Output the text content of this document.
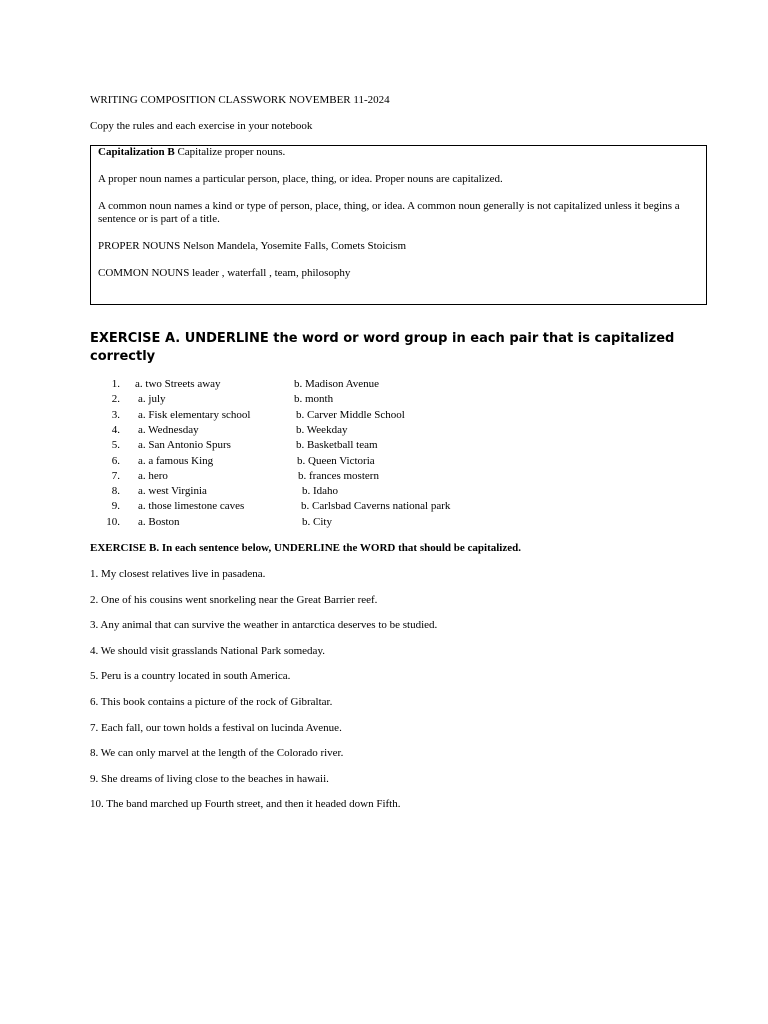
WRITING COMPOSITION CLASSWORK NOVEMBER 11-2024
Copy the rules and each exercise in your notebook
Capitalization B Capitalize proper nouns.
A proper noun names a particular person, place, thing, or idea. Proper nouns are capitalized.
A common noun names a kind or type of person, place, thing, or idea. A common noun generally is not capitalized unless it begins a sentence or is part of a title.
PROPER NOUNS Nelson Mandela, Yosemite Falls, Comets Stoicism
COMMON NOUNS leader , waterfall , team, philosophy
EXERCISE A. UNDERLINE the word or word group in each pair that is capitalized correctly
1. a. two Streets away	b. Madison Avenue
2. a. july	b. month
3. a. Fisk elementary school	b. Carver Middle School
4. a. Wednesday	b. Weekday
5. a. San Antonio Spurs	b. Basketball team
6. a. a famous King	b. Queen Victoria
7. a. hero	b. frances mostern
8. a. west Virginia	b. Idaho
9. a. those limestone caves	b. Carlsbad Caverns national park
10. a. Boston	b. City
EXERCISE B. In each sentence below, UNDERLINE the WORD that should be capitalized.
1. My closest relatives live in pasadena.
2. One of his cousins went snorkeling near the Great Barrier reef.
3. Any animal that can survive the weather in antarctica deserves to be studied.
4. We should visit grasslands National Park someday.
5. Peru is a country located in south America.
6. This book contains a picture of the rock of Gibraltar.
7. Each fall, our town holds a festival on lucinda Avenue.
8. We can only marvel at the length of the Colorado river.
9. She dreams of living close to the beaches in hawaii.
10. The band marched up Fourth street, and then it headed down Fifth.
